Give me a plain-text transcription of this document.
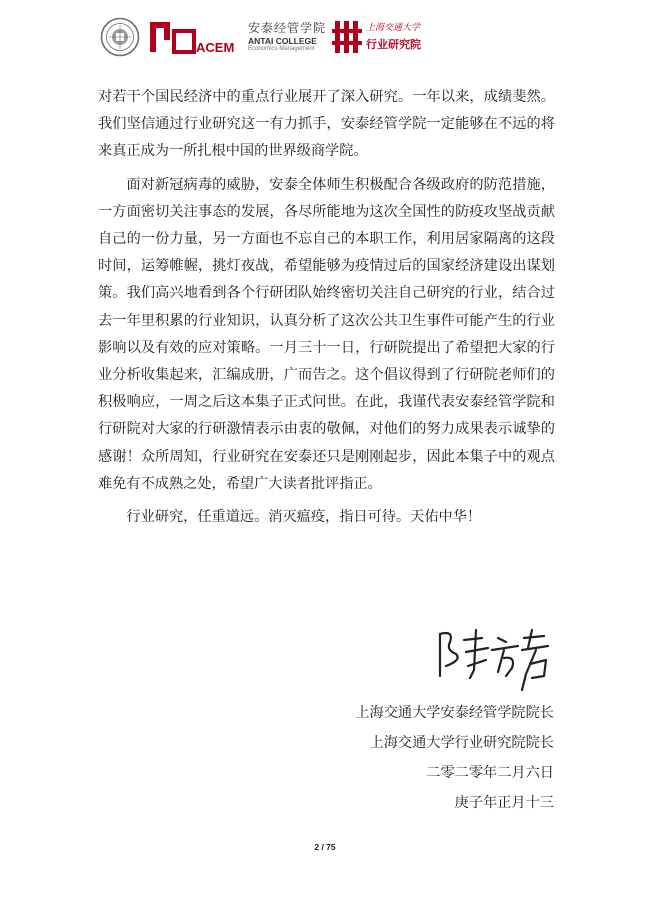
ACEM
安泰经管学院
ANTAI COLLEGE
Economics·Management
上海交通大学
行业研究院

对若干个国民经济中的重点行业展开了深入研究。一年以来，成绩斐然。我们坚信通过行业研究这一有力抓手，安泰经管学院一定能够在不远的将来真正成为一所扎根中国的世界级商学院。

面对新冠病毒的威胁，安泰全体师生积极配合各级政府的防范措施，一方面密切关注事态的发展，各尽所能地为这次全国性的防疫攻坚战贡献自己的一份力量，另一方面也不忘自己的本职工作，利用居家隔离的这段时间，运筹帷幄，挑灯夜战，希望能够为疫情过后的国家经济建设出谋划策。我们高兴地看到各个行研团队始终密切关注自己研究的行业，结合过去一年里积累的行业知识，认真分析了这次公共卫生事件可能产生的行业影响以及有效的应对策略。一月三十一日，行研院提出了希望把大家的行业分析收集起来，汇编成册，广而告之。这个倡议得到了行研院老师们的积极响应，一周之后这本集子正式问世。在此，我谨代表安泰经管学院和行研院对大家的行研激情表示由衷的敬佩，对他们的努力成果表示诚挚的感谢！众所周知，行业研究在安泰还只是刚刚起步，因此本集子中的观点难免有不成熟之处，希望广大读者批评指正。

行业研究，任重道远。消灭瘟疫，指日可待。天佑中华！

上海交通大学安泰经管学院院长
上海交通大学行业研究院院长
二零二零年二月六日
庚子年正月十三
2 / 75
